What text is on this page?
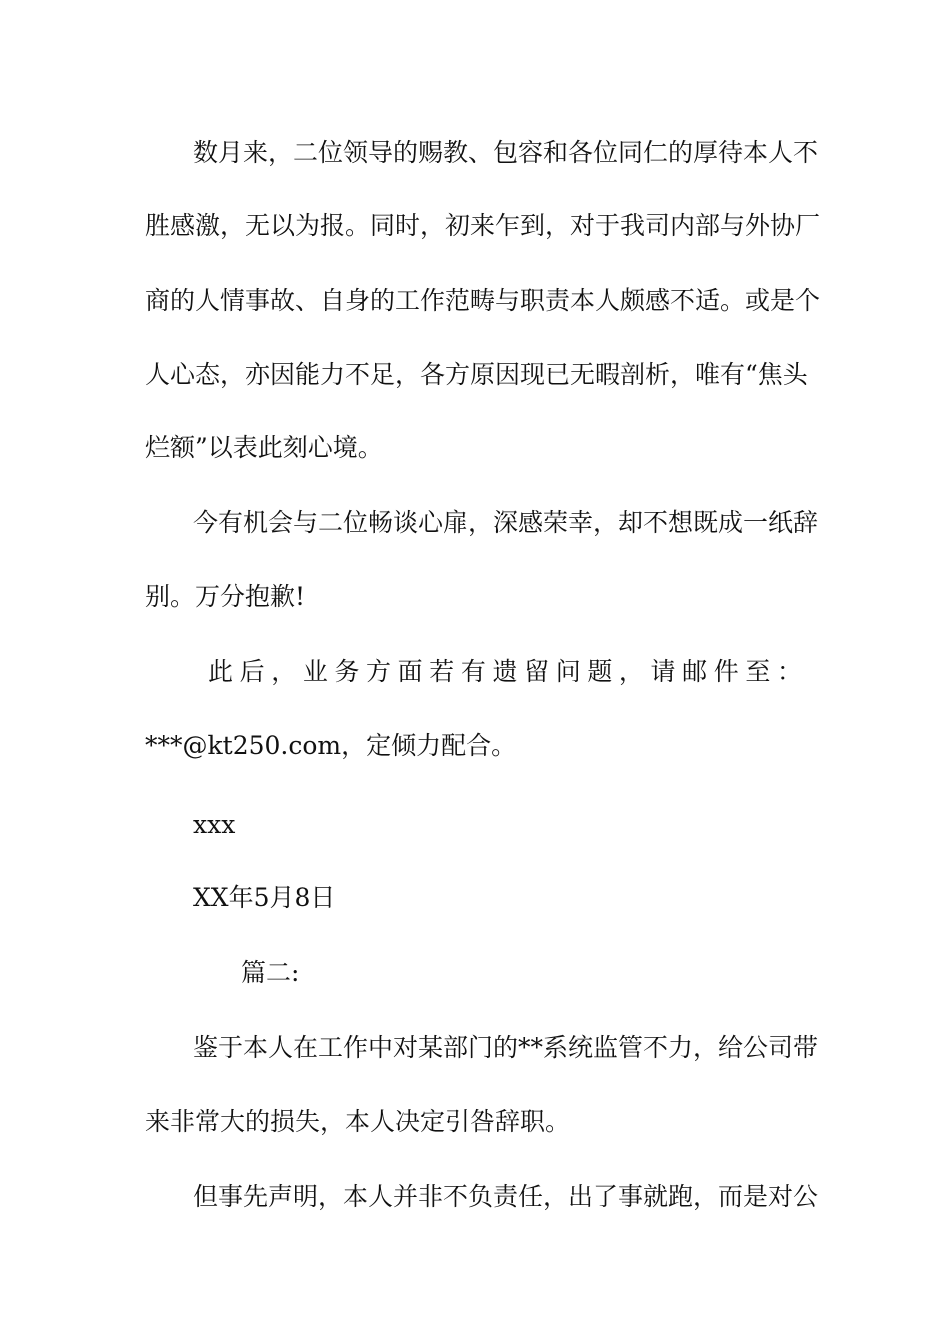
数月来，二位领导的赐教、包容和各位同仁的厚待本人不
胜感激，无以为报。同时，初来乍到，对于我司内部与外协厂
商的人情事故、自身的工作范畴与职责本人颇感不适。或是个
人心态，亦因能力不足，各方原因现已无暇剖析，唯有“焦头
烂额”以表此刻心境。
今有机会与二位畅谈心扉，深感荣幸，却不想既成一纸辞
别。万分抱歉!
此 后 ， 业 务 方 面 若 有 遗 留 问 题 ， 请 邮 件 至 ：
***@kt250.com，定倾力配合。
xxx
XX年5月8日
篇二:
鉴于本人在工作中对某部门的**系统监管不力，给公司带
来非常大的损失，本人决定引咎辞职。
但事先声明，本人并非不负责任，出了事就跑，而是对公
